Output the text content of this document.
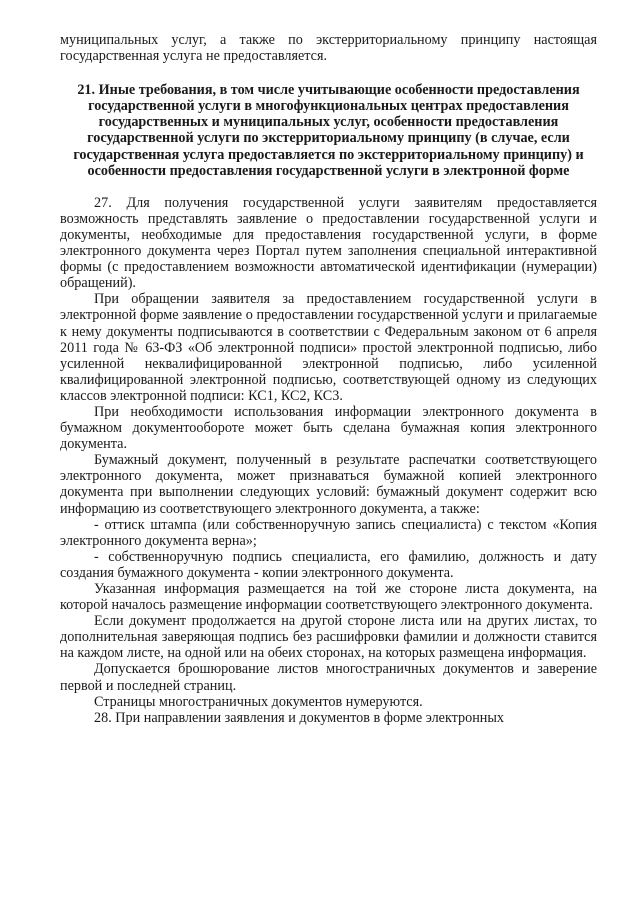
муниципальных услуг, а также по экстерриториальному принципу настоящая государственная услуга не предоставляется.

21. Иные требования, в том числе учитывающие особенности предоставления государственной услуги в многофункциональных центрах предоставления государственных и муниципальных услуг, особенности предоставления государственной услуги по экстерриториальному принципу (в случае, если государственная услуга предоставляется по экстерриториальному принципу) и особенности предоставления государственной услуги в электронной форме

27. Для получения государственной услуги заявителям предоставляется возможность представлять заявление о предоставлении государственной услуги и документы, необходимые для предоставления государственной услуги, в форме электронного документа через Портал путем заполнения специальной интерактивной формы (с предоставлением возможности автоматической идентификации (нумерации) обращений).

При обращении заявителя за предоставлением государственной услуги в электронной форме заявление о предоставлении государственной услуги и прилагаемые к нему документы подписываются в соответствии с Федеральным законом от 6 апреля 2011 года № 63-ФЗ «Об электронной подписи» простой электронной подписью, либо усиленной неквалифицированной электронной подписью, либо усиленной квалифицированной электронной подписью, соответствующей одному из следующих классов электронной подписи: КС1, КС2, КС3.

При необходимости использования информации электронного документа в бумажном документообороте может быть сделана бумажная копия электронного документа.

Бумажный документ, полученный в результате распечатки соответствующего электронного документа, может признаваться бумажной копией электронного документа при выполнении следующих условий: бумажный документ содержит всю информацию из соответствующего электронного документа, а также:

- оттиск штампа (или собственноручную запись специалиста) с текстом «Копия электронного документа верна»;

- собственноручную подпись специалиста, его фамилию, должность и дату создания бумажного документа - копии электронного документа.

Указанная информация размещается на той же стороне листа документа, на которой началось размещение информации соответствующего электронного документа.

Если документ продолжается на другой стороне листа или на других листах, то дополнительная заверяющая подпись без расшифровки фамилии и должности ставится на каждом листе, на одной или на обеих сторонах, на которых размещена информация.

Допускается брошюрование листов многостраничных документов и заверение первой и последней страниц.

Страницы многостраничных документов нумеруются.

28. При направлении заявления и документов в форме электронных
